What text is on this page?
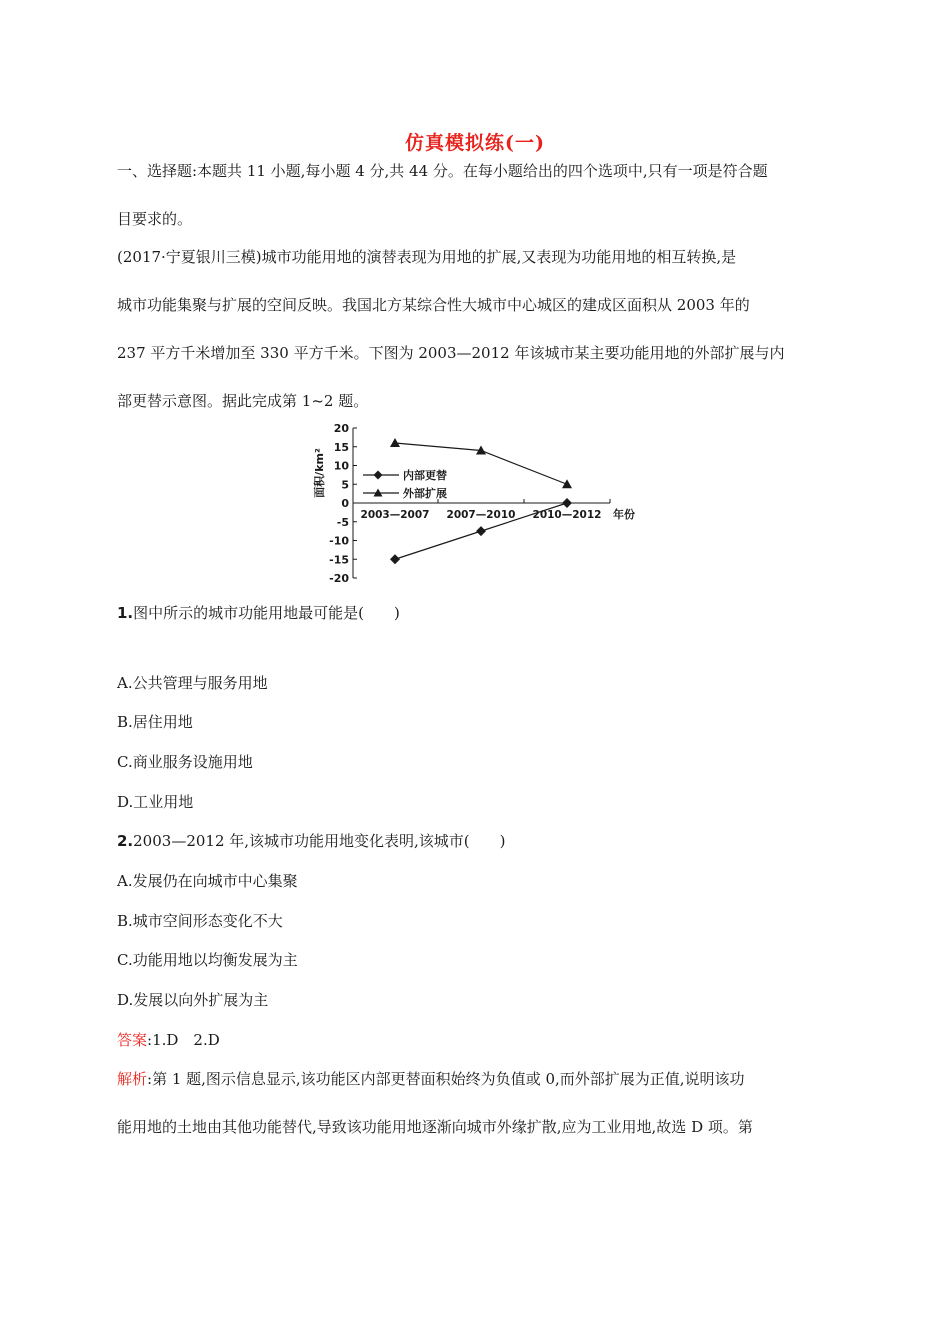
仿真模拟练(一)
一、选择题:本题共 11 小题,每小题 4 分,共 44 分。在每小题给出的四个选项中,只有一项是符合题
目要求的。
(2017·宁夏银川三模)城市功能用地的演替表现为用地的扩展,又表现为功能用地的相互转换,是
城市功能集聚与扩展的空间反映。我国北方某综合性大城市中心城区的建成区面积从 2003 年的
237 平方千米增加至 330 平方千米。下图为 2003—2012 年该城市某主要功能用地的外部扩展与内
部更替示意图。据此完成第 1~2 题。
20
15
10
5
0
-5
-10
-15
-20
2003—2007 2007—2010 2010—2012 年份
面积/km²	内部更替
外部扩展
1.图中所示的城市功能用地最可能是(　　)
A.公共管理与服务用地
B.居住用地
C.商业服务设施用地
D.工业用地
2.2003—2012 年,该城市功能用地变化表明,该城市(　　)
A.发展仍在向城市中心集聚
B.城市空间形态变化不大
C.功能用地以均衡发展为主
D.发展以向外扩展为主
答案:1.D　2.D
解析:第 1 题,图示信息显示,该功能区内部更替面积始终为负值或 0,而外部扩展为正值,说明该功
能用地的土地由其他功能替代,导致该功能用地逐渐向城市外缘扩散,应为工业用地,故选 D 项。第
